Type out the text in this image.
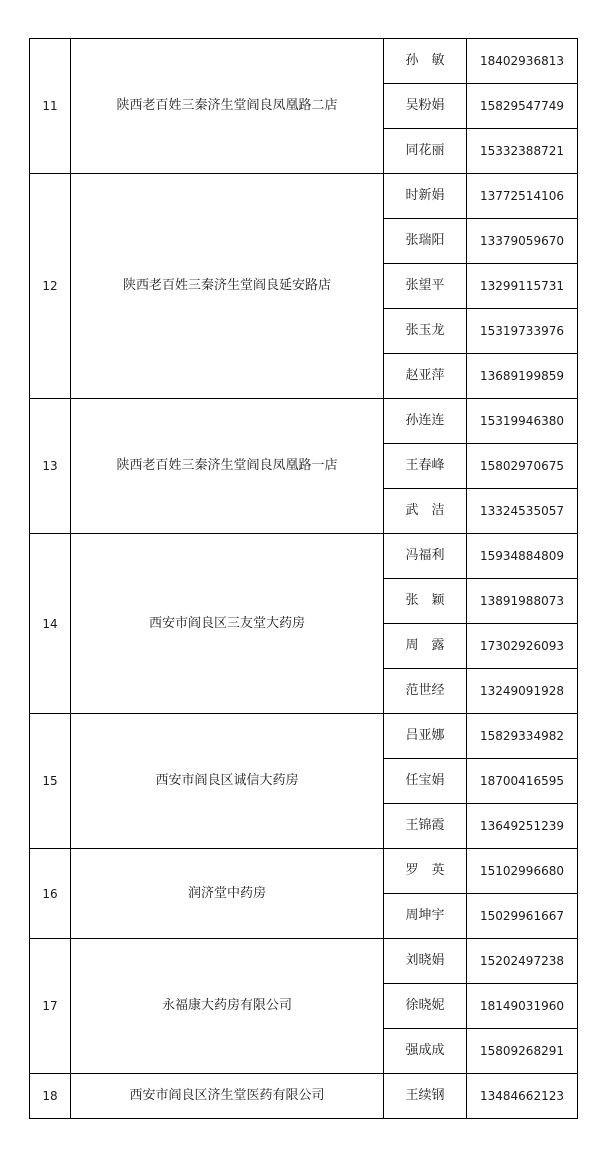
11	陕西老百姓三秦济生堂阎良凤凰路二店	孙　敏	18402936813
		吴粉娟	15829547749
		同花丽	15332388721
12	陕西老百姓三秦济生堂阎良延安路店	时新娟	13772514106
		张瑞阳	13379059670
		张望平	13299115731
		张玉龙	15319733976
		赵亚萍	13689199859
13	陕西老百姓三秦济生堂阎良凤凰路一店	孙连连	15319946380
		王春峰	15802970675
		武　洁	13324535057
14	西安市阎良区三友堂大药房	冯福利	15934884809
		张　颖	13891988073
		周　露	17302926093
		范世经	13249091928
15	西安市阎良区诚信大药房	吕亚娜	15829334982
		任宝娟	18700416595
		王锦霞	13649251239
16	润济堂中药房	罗　英	15102996680
		周坤宇	15029961667
17	永福康大药房有限公司	刘晓娟	15202497238
		徐晓妮	18149031960
		强成成	15809268291
18	西安市阎良区济生堂医药有限公司	王续钢	13484662123
